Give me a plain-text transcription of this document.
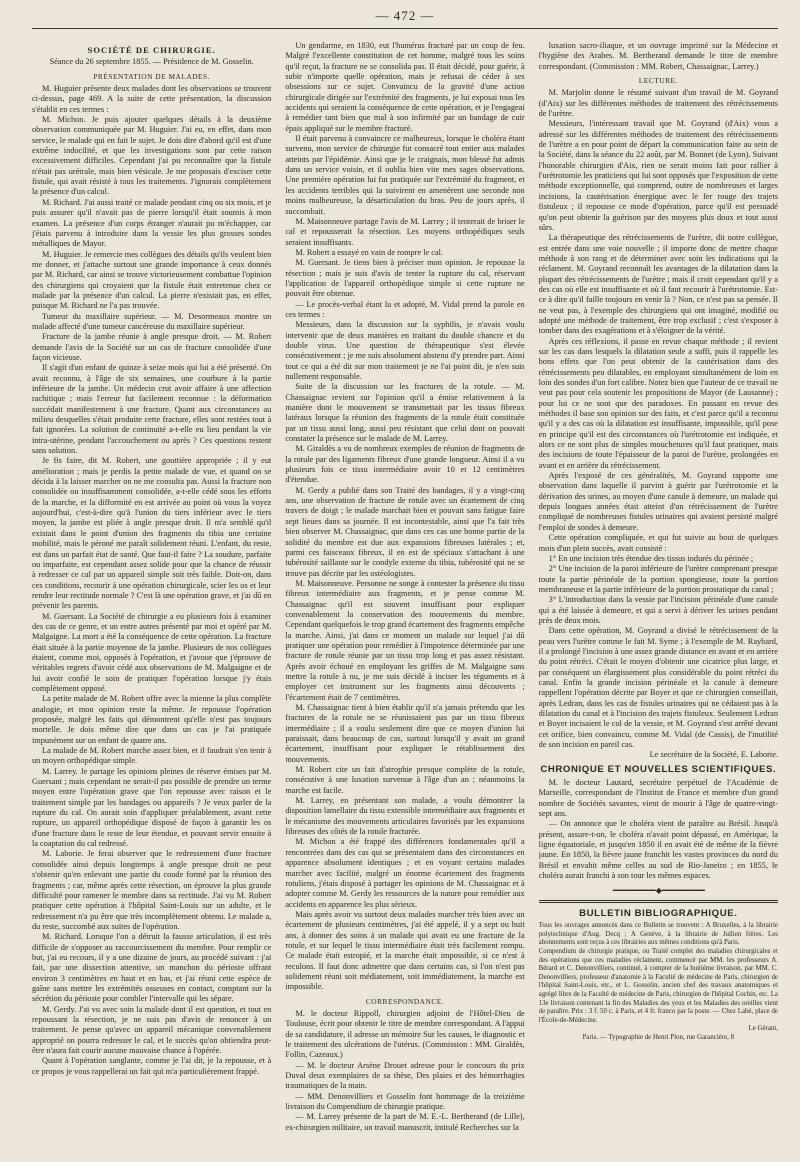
— 472 —

SOCIÉTÉ DE CHIRURGIE.

Séance du 26 septembre 1855. — Présidence de M. Gosselin.

PRÉSENTATION DE MALADES.

M. Huguier présente deux malades dont les observations se trouvent ci-dessus, page 469. A la suite de cette présentation, la discussion s'établit en ces termes :

M. Michon. Je puis ajouter quelques détails à la deuxième observation communiquée par M. Huguier. J'ai eu, en effet, dans mon service, le malade qui en fait le sujet. Je dois dire d'abord qu'il est d'une extrême indocilité, et que les investigations sont par cette raison excessivement difficiles. Cependant j'ai pu reconnaître que la fistule n'était pas urétrale, mais bien vésicale. Je me proposais d'exciser cette fistule, qui avait résisté à tous les traitements. J'ignorais complètement la présence d'un calcul.

M. Richard. J'ai aussi traité ce malade pendant cinq ou six mois, et je puis assurer qu'il n'avait pas de pierre lorsqu'il était soumis à mon examen. La présence d'un corps étranger n'aurait pu m'échapper, car j'étais parvenu à introduire dans la vessie les plus grosses sondes métalliques de Mayor.

M. Huguier. Je remercie mes collègues des détails qu'ils veulent bien me donner, et j'attache surtout une grande importance à ceux donnés par M. Richard, car ainsi se trouve victorieusement combattue l'opinion des chirurgiens qui croyaient que la fistule était entretenue chez ce malade par la présence d'un calcul. La pierre n'existait pas, en effet, puisque M. Richard ne l'a pas trouvée.

Tumeur du maxillaire supérieur. — M. Desormeaux montre un malade affecté d'une tumeur cancéreuse du maxillaire supérieur.

Fracture de la jambe réunie à angle presque droit. — M. Robert demande l'avis de la Société sur un cas de fracture consolidée d'une façon vicieuse.

Il s'agit d'un enfant de quinze à seize mois qui lui a été présenté. On avait reconnu, à l'âge de six semaines, une courbure à la partie inférieure de la jambe. Un médecin crut avoir affaire à une affection rachitique ; mais l'erreur fut facilement reconnue : la déformation succédait manifestement à une fracture. Quant aux circonstances au milieu desquelles s'était produite cette fracture, elles sont restées tout à fait ignorées. La solution de continuité a-t-elle eu lieu pendant la vie intra-utérine, pendant l'accouchement ou après ? Ces questions restent sans solution.

Je fis faire, dit M. Robert, une gouttière appropriée ; il y eut amélioration ; mais je perdis la petite malade de vue, et quand on se décida à la laisser marcher on ne me consulta pas. Aussi la fracture non consolidée ou insuffisamment consolidée, a-t-elle cédé sous les efforts de la marche, et la difformité en est arrivée au point où vous la voyez aujourd'hui, c'est-à-dire qu'à l'union du tiers inférieur avec le tiers moyen, la jambe est pliée à angle presque droit. Il m'a semblé qu'il existait dans le point d'union des fragments du tibia une certaine mobilité, mais le péroné me paraît solidement réuni. L'enfant, du reste, est dans un parfait état de santé. Que faut-il faire ? La soudure, parfaite ou imparfaite, est cependant assez solide pour que la chance de réussir à redresser ce cal par un appareil simple soit très faible. Doit-on, dans ces conditions, recourir à une opération chirurgicale, scier les os et leur rendre leur rectitude normale ? C'est là une opération grave, et j'ai dû en prévenir les parents.

M. Guersant. La Société de chirurgie a eu plusieurs fois à examiner des cas de ce genre, et un entre autres présenté par moi et opéré par M. Malgaigne. La mort a été la conséquence de cette opération. La fracture était située à la partie moyenne de la jambe. Plusieurs de nos collègues étaient, comme moi, opposés à l'opération, et j'avoue que j'éprouve de véritables regrets d'avoir cédé aux observations de M. Malgaigne et de lui avoir confié le soin de pratiquer l'opération lorsque j'y étais complètement opposé.

La petite malade de M. Robert offre avec la mienne la plus complète analogie, et mon opinion reste la même. Je repousse l'opération proposée, malgré les faits qui démontrent qu'elle n'est pas toujours mortelle. Je dois même dire que dans un cas je l'ai pratiquée impunément sur un enfant de quatre ans.

La malade de M. Robert marche assez bien, et il faudrait s'en tenir à un moyen orthopédique simple.

M. Larrey. Je partage les opinions pleines de réserve émises par M. Guersant ; mais cependant ne serait-il pas possible de prendre un terme moyen entre l'opération grave que l'on repousse avec raison et le traitement simple par les bandages ou appareils ? Je veux parler de la rupture du cal. On aurait soin d'appliquer préalablement, avant cette rupture, un appareil orthopédique disposé de façon à garantir les os d'une fracture dans le reste de leur étendue, et pouvant servir ensuite à la coaptation du cal redressé.

M. Laborie. Je ferai observer que le redressement d'une fracture consolidée ainsi depuis longtemps à angle presque droit ne peut s'obtenir qu'en enlevant une partie du coude formé par la réunion des fragments ; car, même après cette résection, on éprouve la plus grande difficulté pour ramener le membre dans sa rectitude. J'ai vu M. Robert pratiquer cette opération à l'hôpital Saint-Louis sur un adulte, et le redressement n'a pu être que très incomplètement obtenu. Le malade a, du reste, succombé aux suites de l'opération.

M. Richard. Lorsque l'on a détruit la fausse articulation, il est très difficile de s'opposer au raccourcissement du membre. Pour remplir ce but, j'ai eu recours, il y a une dizaine de jours, au procédé suivant : j'ai fait, par une dissection attentive, un manchon du périoste offrant environ 3 centimètres en haut et en bas, et j'ai réuni cette espèce de gaîne sans mettre les extrémités osseuses en contact, comptant sur la sécrétion du périoste pour combler l'intervalle qui les sépare.

M. Gerdy. J'ai vu avec soin la malade dont il est question, et tout en repoussant la résection, je ne suis pas d'avis de renoncer à un traitement. Je pense qu'avec un appareil mécanique convenablement approprié on pourra redresser le cal, et le succès qu'on obtiendra peut-être n'aura fait courir aucune mauvaise chance à l'opérée.

Quant à l'opération sanglante, comme je l'ai dit, je la repousse, et à ce propos je vous rappellerai un fait qui m'a particulièrement frappé.

Un gendarme, en 1830, eut l'humérus fracturé par un coup de feu. Malgré l'excellente constitution de cet homme, malgré tous les soins qu'il reçut, la fracture ne se consolida pas. Il était décidé, pour guérir, à subir n'importe quelle opération, mais je refusai de céder à ses obsessions sur ce sujet. Convaincu de la gravité d'une action chirurgicale dirigée sur l'extrémité des fragments, je lui exposai tous les accidents qui seraient la conséquence de cette opération, et je l'engageai à remédier tant bien que mal à son infirmité par un bandage de cuir épais appliqué sur le membre fracturé.

Il était parvenu à convaincre ce malheureux, lorsque le choléra étant survenu, mon service de chirurgie fut consacré tout entier aux malades atteints par l'épidémie. Ainsi que je le craignais, mon blessé fut admis dans un service voisin, et il oublia bien vite mes sages observations. Une première opération lui fut pratiquée sur l'extrémité du fragment, et les accidents terribles qui la suivirent en amenèrent une seconde non moins malheureuse, la désarticulation du bras. Peu de jours après, il succombait.

M. Maisonneuve partage l'avis de M. Larrey ; il tenterait de briser le cal et repousserait la résection. Les moyens orthopédiques seuls seraient insuffisants.

M. Robert a essayé en vain de rompre le cal.

M. Guersant. Je tiens bien à préciser mon opinion. Je repousse la résection ; mais je suis d'avis de tenter la rupture du cal, réservant l'application de l'appareil orthopédique simple si cette rupture ne pouvait être obtenue.

— Le procès-verbal étant lu et adopté, M. Vidal prend la parole en ces termes :

Messieurs, dans la discussion sur la syphilis, je n'avais voulu intervenir que de deux manières en traitant du double chancre et du double virus. Une question de thérapeutique s'est élevée consécutivement ; je me suis absolument abstenu d'y prendre part. Ainsi tout ce qui a été dit sur mon traitement je ne l'ai point dit, je n'en suis nullement responsable.

Suite de la discussion sur les fractures de la rotule. — M. Chassaignac revient sur l'opinion qu'il a émise relativement à la manière dont le mouvement se transmettait par les tissus fibreux latéraux lorsque la réunion des fragments de la rotule était constituée par un tissu aussi long, aussi peu résistant que celui dont on pouvait constater la présence sur le malade de M. Larrey.

M. Giraldès a vu de nombreux exemples de réunion de fragments de la rotule par des ligaments fibreux d'une grande longueur. Ainsi il a vu plusieurs fois ce tissu intermédiaire avoir 10 et 12 centimètres d'étendue.

M. Gerdy a publié dans son Traité des bandages, il y a vingt-cinq ans, une observation de fracture de rotule avec un écartement de cinq travers de doigt ; le malade marchait bien et pouvait sans fatigue faire sept lieues dans sa journée. Il est incontestable, ainsi que l'a fait très bien observer M. Chassaignac, que dans ces cas une bonne partie de la solidité du membre est due aux expansions fibreuses latérales ; et, parmi ces faisceaux fibreux, il en est de spéciaux s'attachant à une tubérosité saillante sur le condyle externe du tibia, tubérosité qui ne se trouve pas décrite par les ostéologistes.

M. Maisonneuve. Personne ne songe à contester la présence du tissu fibreux intermédiaire aux fragments, et je pense comme M. Chassaignac qu'il est souvent insuffisant pour expliquer convenablement la conservation des mouvements du membre. Cependant quelquefois le trop grand écartement des fragments empêche la marche. Ainsi, j'ai dans ce moment un malade sur lequel j'ai dû pratiquer une opération pour remédier à l'impotence déterminée par une fracture de rotule réunie par un tissu trop long et pas assez résistant. Après avoir échoué en employant les griffes de M. Malgaigne sans mettre la rotule à nu, je me suis décidé à inciser les téguments et à employer cet instrument sur les fragments ainsi découverts ; l'écartement était de 7 centimètres.

M. Chassaignac tient à bien établir qu'il n'a jamais prétendu que les fractures de la rotule ne se réunissaient pas par un tissu fibreux intermédiaire ; il a voulu seulement dire que ce moyen d'union lui paraissait, dans beaucoup de cas, surtout lorsqu'il y avait un grand écartement, insuffisant pour expliquer le rétablissement des mouvements.

M. Robert cite un fait d'atrophie presque complète de la rotule, consécutive à une luxation survenue à l'âge d'un an ; néanmoins la marche est facile.

M. Larrey, en présentant son malade, a voulu démontrer la disposition lamellaire du tissu extensible intermédiaire aux fragments et le mécanisme des mouvements articulaires favorisés par les expansions fibreuses des côtés de la rotule fracturée.

M. Michon a été frappé des différences fondamentales qu'il a rencontrées dans des cas qui se présentaient dans des circonstances en apparence absolument identiques ; et en voyant certains malades marcher avec facilité, malgré un énorme écartement des fragments rotuliens, j'étais disposé à partager les opinions de M. Chassaignac et à adopter comme M. Gerdy les ressources de la nature pour remédier aux accidents en apparence les plus sérieux.

Mais après avoir vu surtout deux malades marcher très bien avec un écartement de plusieurs centimètres, j'ai été appelé, il y a sept ou huit ans, à donner des soins à un malade qui avait eu une fracture de la rotule, et sur lequel le tissu intermédiaire était très facilement rompu. Ce malade était estropié, et la marche était impossible, si ce n'est à reculons. Il faut donc admettre que dans certains cas, si l'on n'est pas solidement réuni soit médiatement, soit immédiatement, la marche est impossible.

CORRESPONDANCE.

M. le docteur Rippoll, chirurgien adjoint de l'Hôtel-Dieu de Toulouse, écrit pour obtenir le titre de membre correspondant. A l'appui de sa candidature, il adresse un mémoire Sur les causes, le diagnostic et le traitement des ulcérations de l'utérus. (Commission : MM. Giraldès, Follin, Cazeaux.)

— M. le docteur Arsène Drouet adresse pour le concours du prix Duval deux exemplaires de sa thèse, Des plaies et des hémorrhagies traumatiques de la main.

— MM. Denonvilliers et Gosselin font hommage de la treizième livraison du Compendium de chirurgie pratique.

— M. Larrey présente de la part de M. E.-L. Bertherand (de Lille), ex-chirurgien militaire, un travail manuscrit, intitulé Recherches sur la

luxation sacro-iliaque, et un ouvrage imprimé sur la Médecine et l'hygiène des Arabes. M. Bertherand demande le titre de membre correspondant. (Commission : MM. Robert, Chassaignac, Larrey.)

LECTURE.

M. Marjolin donne le résumé suivant d'un travail de M. Goyrand (d'Aix) sur les différentes méthodes de traitement des rétrécissements de l'urètre.

Messieurs, l'intéressant travail que M. Goyrand (d'Aix) vous a adressé sur les différentes méthodes de traitement des rétrécissements de l'urètre a en pour point de départ la communication faite au sein de la Société, dans la séance du 22 août, par M. Bonnet (de Lyon). Suivant l'honorable chirurgien d'Aix, rien ne serait moins fait pour rallier à l'urétrotomie les praticiens qui lui sont opposés que l'exposition de cette méthode exceptionnelle, qui comprend, outre de nombreuses et larges incisions, la cautérisation énergique avec le fer rouge des trajets fistuleux ; il repousse ce mode d'opération, parce qu'il est persuadé qu'on peut obtenir la guérison par des moyens plus doux et tout aussi sûrs.

La thérapeutique des rétrécissements de l'urètre, dit notre collègue, est entrée dans une voie nouvelle ; il importe donc de mettre chaque méthode à son rang et de déterminer avec soin les indications qui la réclament. M. Goyrand reconnaît les avantages de la dilatation dans la plupart des rétrécissements de l'urètre ; mais il croit cependant qu'il y a des cas où elle est insuffisante et où il faut recourir à l'urétrotomie. Est-ce à dire qu'il faille toujours en venir là ? Non, ce n'est pas sa pensée. Il ne veut pas, à l'exemple des chirurgiens qui ont imaginé, modifié ou adopté une méthode de traitement, être trop exclusif ; c'est s'exposer à tomber dans des exagérations et à s'éloigner de la vérité.

Après ces réflexions, il passe en revue chaque méthode ; il revient sur les cas dans lesquels la dilatation seule a suffi, puis il rappelle les bons effets que l'on peut obtenir de la cautérisation dans des rétrécissements peu dilatables, en employant simultanément de loin en loin des sondes d'un fort calibre. Notez bien que l'auteur de ce travail ne veut pas pour cela soutenir les propositions de Mayor (de Lausanne) ; pour lui ce ne sont que des paradoxes. En passant en revue des méthodes il base son opinion sur des faits, et c'est parce qu'il a reconnu qu'il y a des cas où la dilatation est insuffisante, impossible, qu'il pose en principe qu'il est des circonstances où l'urétrotomie est indiquée, et alors ce ne sont plus de simples mouchetures qu'il faut pratiquer, mais des incisions de toute l'épaisseur de la paroi de l'urètre, prolongées en avant et en arrière du rétrécissement.

Après l'exposé de ces généralités, M. Goyrand rapporte une observation dans laquelle il parvint à guérir par l'urétrotomie et la dérivation des urines, au moyen d'une canule à demeure, un malade qui depuis longues années était atteint d'un rétrécissement de l'urètre compliqué de nombreuses fistules urinaires qui avaient persisté malgré l'emploi de sondes à demeure.

Cette opération compliquée, et qui fut suivie au bout de quelques mois d'un plein succès, avait consisté :

1° En une incision très étendue des tissus indurés du périnée ;

2° Une incision de la paroi inférieure de l'urètre comprenant presque toute la partie périnéale de la portion spongieuse, toute la portion membraneuse et la partie inférieure de la portion prostatique du canal ;

3° L'introduction dans la vessie par l'incision périnéale d'une canule qui a été laissée à demeure, et qui a servi à dériver les urines pendant près de deux mois.

Dans cette opération, M. Goyrand a divisé le rétrécissement de la peau vers l'urètre comme le fait M. Syme ; à l'exemple de M. Raybard, il a prolongé l'incision à une assez grande distance en avant et en arrière du point rétréci. C'était le moyen d'obtenir une cicatrice plus large, et par conséquent un élargissement plus considérable du point rétréci du canal. Enfin la grande incision périnéale et la canule à demeure rappellent l'opération décrite par Boyer et que ce chirurgien conseillait, après Ledran, dans les cas de fistules urinaires qui ne cédaient pas à la dilatation du canal et à l'incision des trajets fistuleux. Seulement Ledran et Boyer incisaient le col de la vessie, et M. Goyrand s'est arrêté devant cet orifice, bien convaincu, comme M. Vidal (de Cassis), de l'inutilité de son incision en pareil cas.

Le secrétaire de la Société, E. Laborie.

CHRONIQUE ET NOUVELLES SCIENTIFIQUES.

M. le docteur Lautard, secrétaire perpétuel de l'Académie de Marseille, correspondant de l'Institut de France et membre d'un grand nombre de Sociétés savantes, vient de mourir à l'âge de quatre-vingt-sept ans.

— On annonce que le choléra vient de paraître au Brésil. Jusqu'à présent, assure-t-on, le choléra n'avait point dépassé, en Amérique, la ligne équatoriale, et jusqu'en 1850 il en avait été de même de la fièvre jaune. En 1850, la fièvre jaune franchit les vastes provinces du nord du Brésil et envahit même celles au sud de Rio-Janeiro ; en 1855, le choléra aurait franchi à son tour les mêmes espaces.

━━━━━━━━━━━ ◆ ━━━━━━━━━━━

BULLETIN BIBLIOGRAPHIQUE.

Tous les ouvrages annoncés dans ce Bulletin se trouvent : A Bruxelles, à la librairie polytechnique d'Aug. Decq ; A Genève, à la librairie de Jullien frères. Les abonnements sont reçus à ces librairies aux mêmes conditions qu'à Paris.

Compendium de chirurgie pratique, ou Traité complet des maladies chirurgicales et des opérations que ces maladies réclament, commencé par MM. les professeurs A. Bérard et C. Denonvilliers, continué, à compter de la huitième livraison, par MM. C. Denonvilliers, professeur d'anatomie à la Faculté de médecine de Paris, chirurgien de l'hôpital Saint-Louis, etc., et L. Gosselin, ancien chef des travaux anatomiques et agrégé libre de la Faculté de médecine de Paris, chirurgien de l'hôpital Cochin, etc. La 13e livraison contenant la fin des Maladies des yeux et les Maladies des oreilles vient de paraître. Prix : 3 f. 50 c. à Paris, et 4 fr. franco par la poste. — Chez Labé, place de l'École-de-Médecine.

Le Gérant,

Paris. — Typographie de Henri Plon, rue Garancière, 8
